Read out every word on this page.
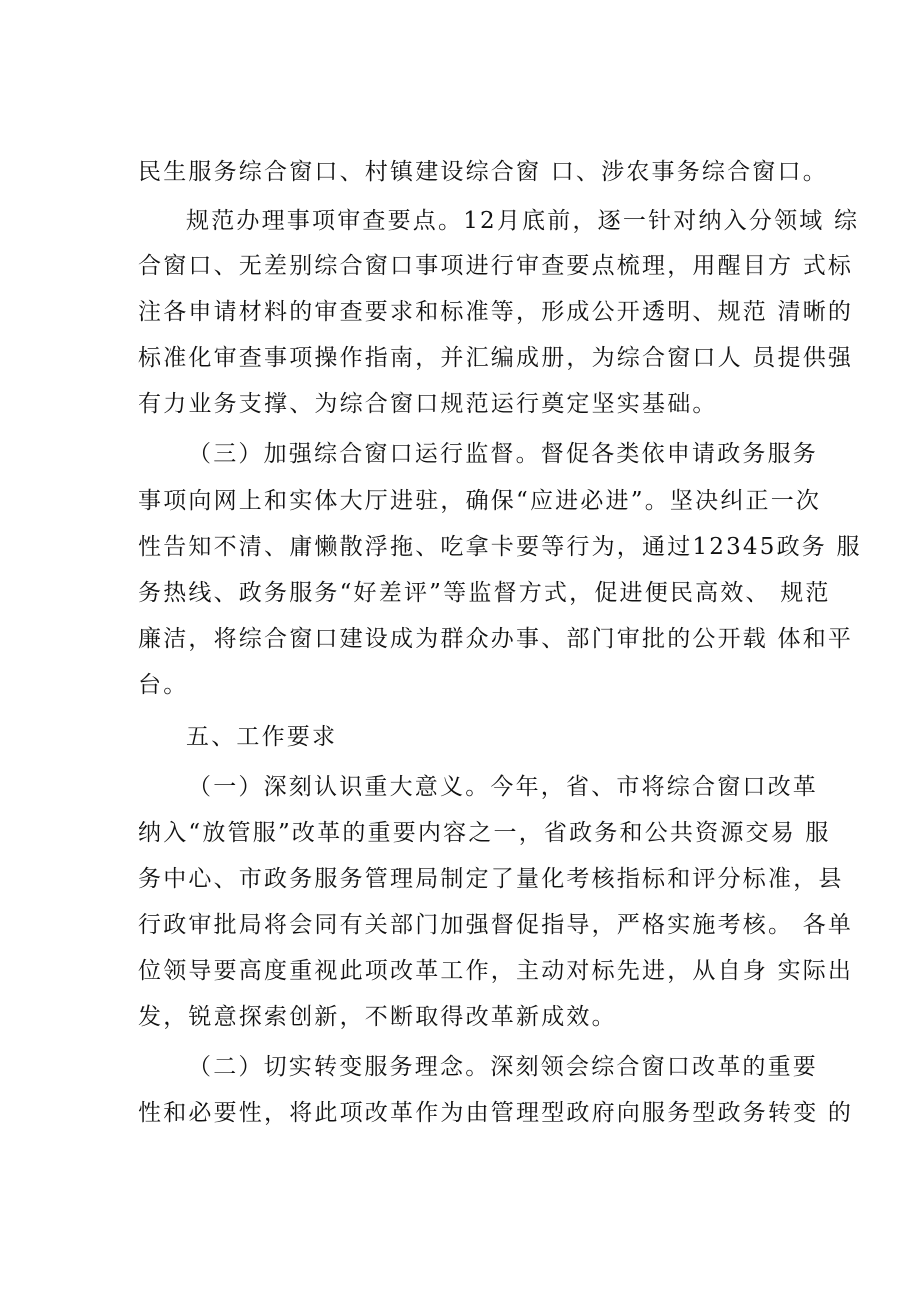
民生服务综合窗口、村镇建设综合窗 口、涉农事务综合窗口。
规范办理事项审查要点。12月底前，逐一针对纳入分领域 综
合窗口、无差别综合窗口事项进行审查要点梳理，用醒目方 式标
注各申请材料的审查要求和标准等，形成公开透明、规范 清晰的
标准化审查事项操作指南，并汇编成册，为综合窗口人 员提供强
有力业务支撑、为综合窗口规范运行奠定坚实基础。
（三）加强综合窗口运行监督。督促各类依申请政务服务
事项向网上和实体大厅进驻，确保“应进必进”。坚决纠正一次
性告知不清、庸懒散浮拖、吃拿卡要等行为，通过12345政务 服
务热线、政务服务“好差评”等监督方式，促进便民高效、 规范
廉洁，将综合窗口建设成为群众办事、部门审批的公开载 体和平
台。
五、工作要求
（一）深刻认识重大意义。今年，省、市将综合窗口改革
纳入“放管服”改革的重要内容之一，省政务和公共资源交易 服
务中心、市政务服务管理局制定了量化考核指标和评分标准，县
行政审批局将会同有关部门加强督促指导，严格实施考核。 各单
位领导要高度重视此项改革工作，主动对标先进，从自身 实际出
发，锐意探索创新，不断取得改革新成效。
（二）切实转变服务理念。深刻领会综合窗口改革的重要
性和必要性，将此项改革作为由管理型政府向服务型政务转变 的
